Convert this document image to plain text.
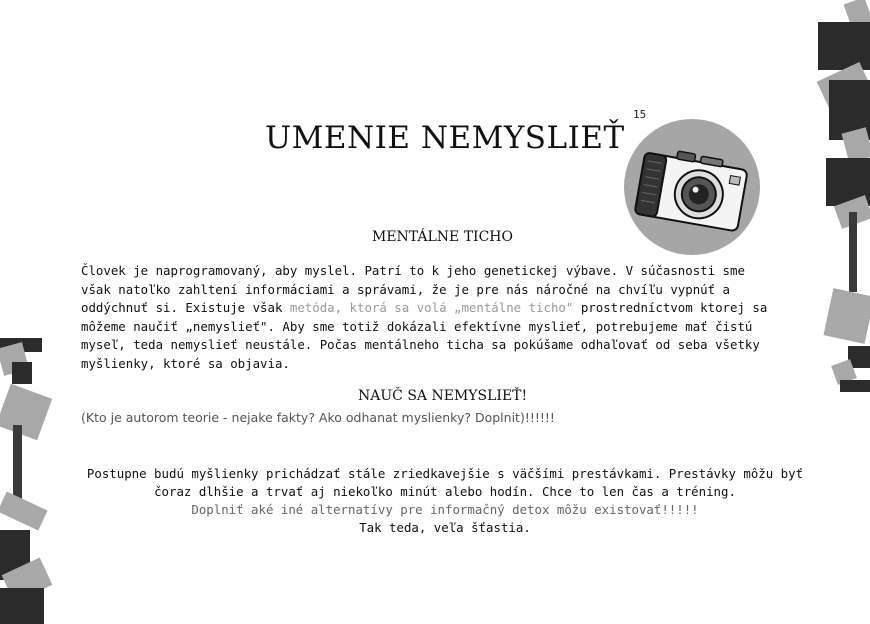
15
UMENIE NEMYSLIEŤ
MENTÁLNE TICHO

Človek je naprogramovaný, aby myslel. Patrí to k jeho genetickej výbave. V súčasnosti sme však natoľko zahltení informáciami a správami, že je pre nás náročné na chvíľu vypnúť a oddýchnuť si. Existuje však metóda, ktorá sa volá „mentálne ticho" prostredníctvom ktorej sa môžeme naučiť „nemyslieť". Aby sme totiž dokázali efektívne myslieť, potrebujeme mať čistú myseľ, teda nemyslieť neustále. Počas mentálneho ticha sa pokúšame odhaľovať od seba všetky myšlienky, ktoré sa objavia.

NAUČ SA NEMYSLIEŤ!
(Kto je autorom teorie - nejake fakty? Ako odhanat myslienky? Doplnit)!!!!!!
Postupne budú myšlienky prichádzať stále zriedkavejšie s väčšími prestávkami. Prestávky môžu byť čoraz dlhšie a trvať aj niekoľko minút alebo hodín. Chce to len čas a tréning.
Doplniť aké iné alternatívy pre informačný detox môžu existovať!!!!!
Tak teda, veľa šťastia.
